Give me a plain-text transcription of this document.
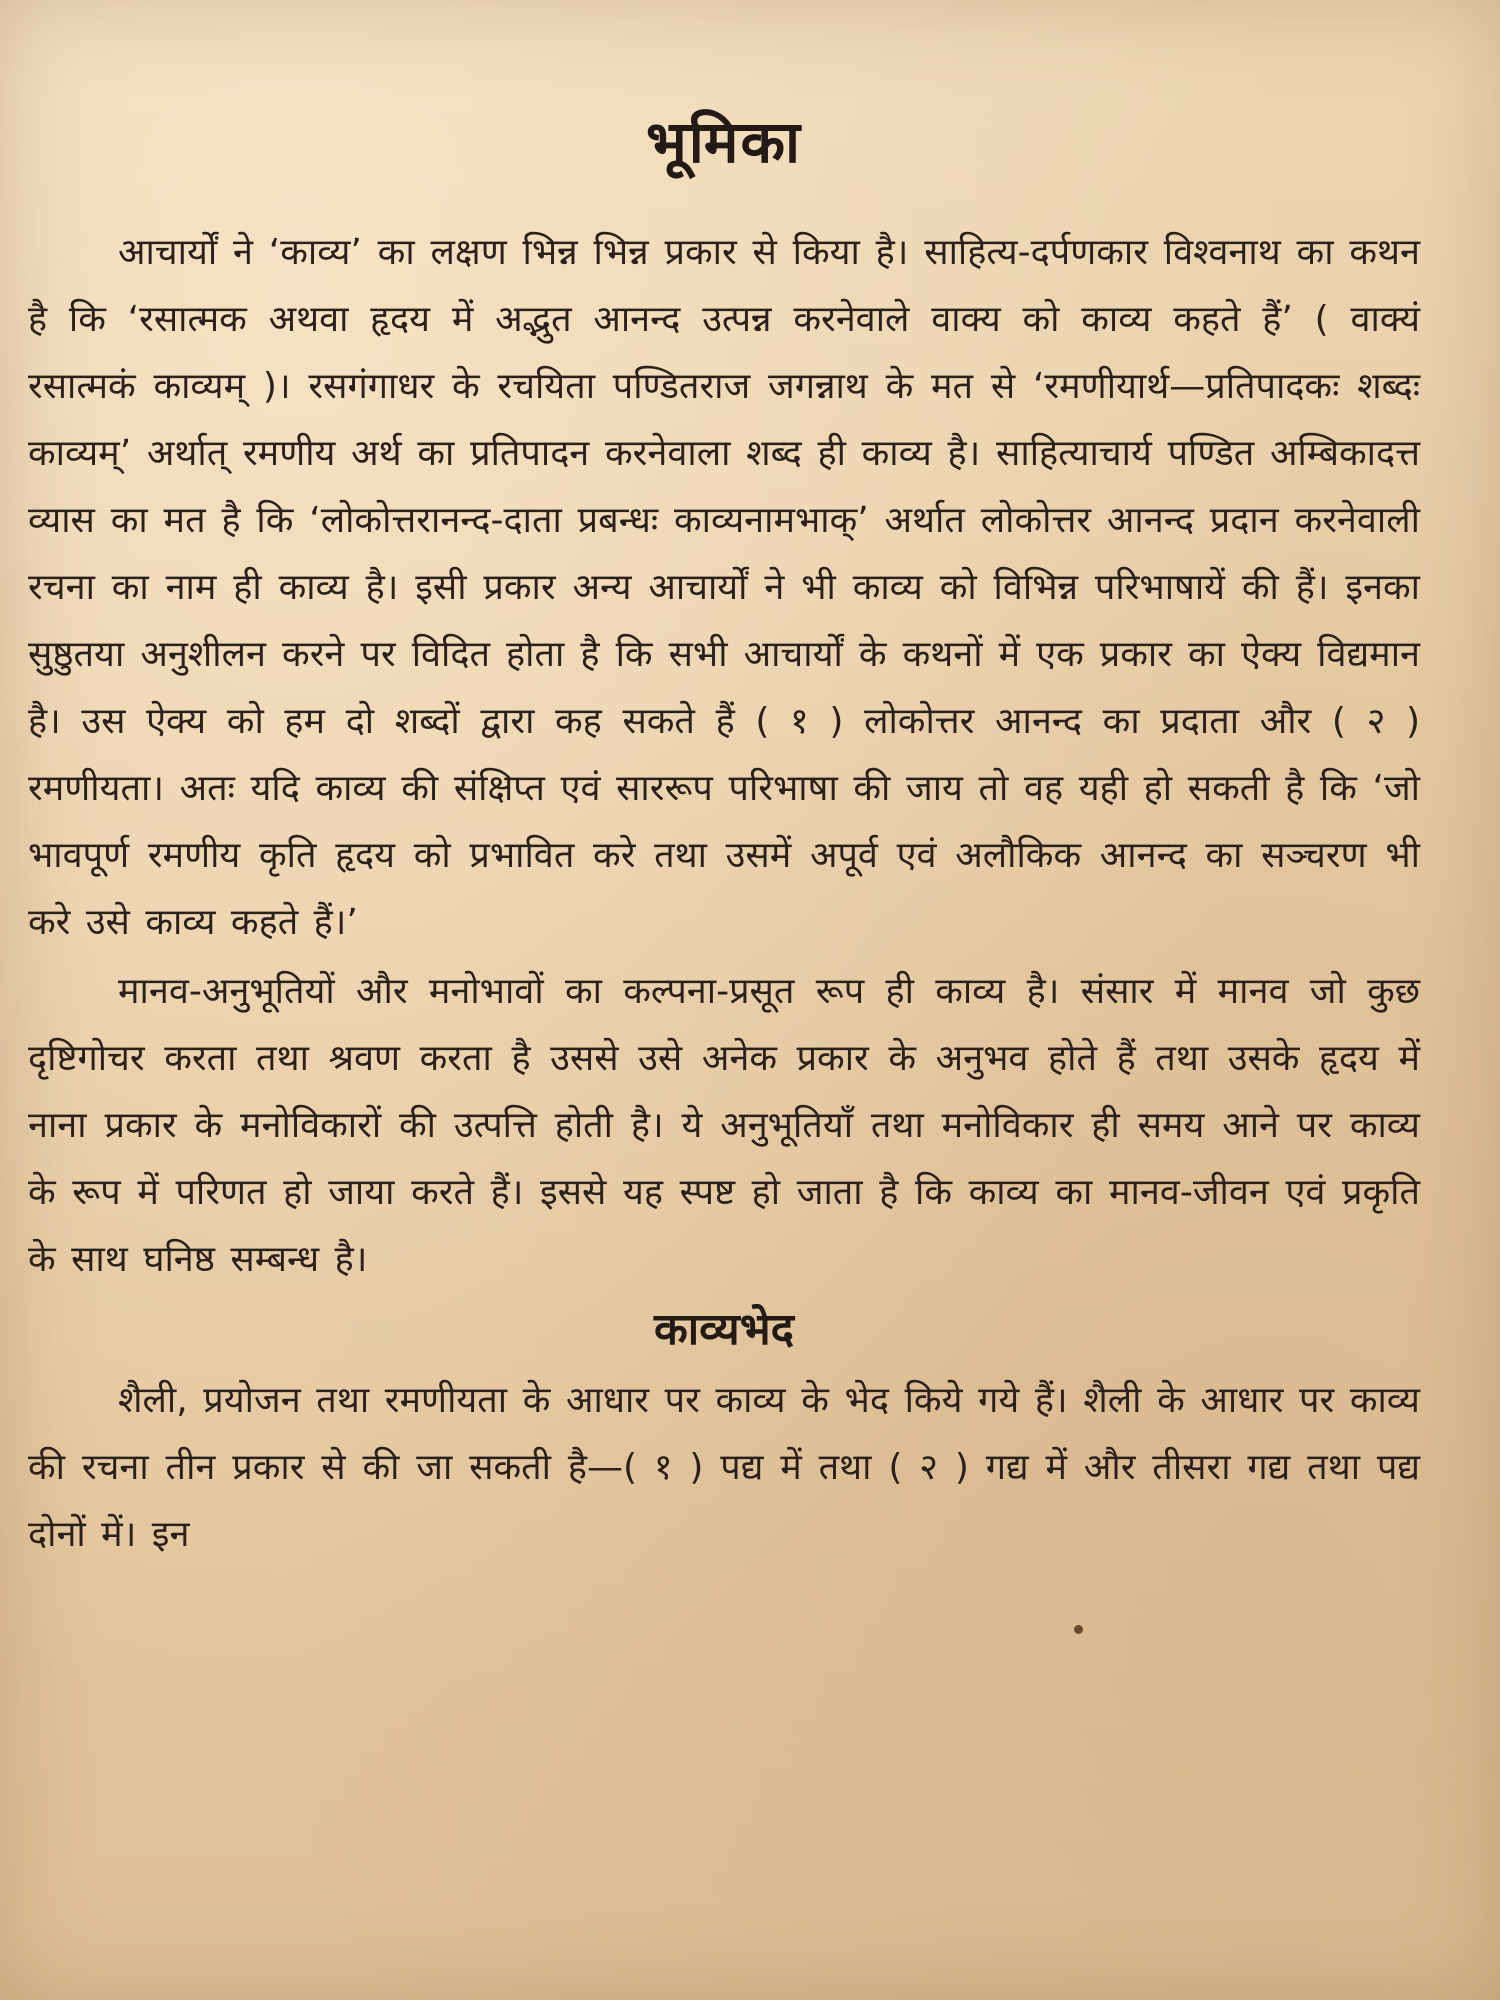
भूमिका

आचार्यों ने ‘काव्य’ का लक्षण भिन्न भिन्न प्रकार से किया है। साहित्य-दर्पणकार विश्वनाथ का कथन है कि ‘रसात्मक अथवा हृदय में अद्भुत आनन्द उत्पन्न करनेवाले वाक्य को काव्य कहते हैं’ ( वाक्यं रसात्मकं काव्यम् )। रसगंगाधर के रचयिता पण्डितराज जगन्नाथ के मत से ‘रमणीयार्थ—प्रतिपादकः शब्दः काव्यम्’ अर्थात् रमणीय अर्थ का प्रतिपादन करनेवाला शब्द ही काव्य है। साहित्याचार्य पण्डित अम्बिकादत्त व्यास का मत है कि ‘लोकोत्तरानन्द-दाता प्रबन्धः काव्यनामभाक्’ अर्थात लोकोत्तर आनन्द प्रदान करनेवाली रचना का नाम ही काव्य है। इसी प्रकार अन्य आचार्यों ने भी काव्य को विभिन्न परिभाषायें की हैं। इनका सुष्ठुतया अनुशीलन करने पर विदित होता है कि सभी आचार्यों के कथनों में एक प्रकार का ऐक्य विद्यमान है। उस ऐक्य को हम दो शब्दों द्वारा कह सकते हैं ( १ ) लोकोत्तर आनन्द का प्रदाता और ( २ ) रमणीयता। अतः यदि काव्य की संक्षिप्त एवं साररूप परिभाषा की जाय तो वह यही हो सकती है कि ‘जो भावपूर्ण रमणीय कृति हृदय को प्रभावित करे तथा उसमें अपूर्व एवं अलौकिक आनन्द का सञ्चरण भी करे उसे काव्य कहते हैं।’

मानव-अनुभूतियों और मनोभावों का कल्पना-प्रसूत रूप ही काव्य है। संसार में मानव जो कुछ दृष्टिगोचर करता तथा श्रवण करता है उससे उसे अनेक प्रकार के अनुभव होते हैं तथा उसके हृदय में नाना प्रकार के मनोविकारों की उत्पत्ति होती है। ये अनुभूतियाँ तथा मनोविकार ही समय आने पर काव्य के रूप में परिणत हो जाया करते हैं। इससे यह स्पष्ट हो जाता है कि काव्य का मानव-जीवन एवं प्रकृति के साथ घनिष्ठ सम्बन्ध है।

काव्यभेद

शैली, प्रयोजन तथा रमणीयता के आधार पर काव्य के भेद किये गये हैं। शैली के आधार पर काव्य की रचना तीन प्रकार से की जा सकती है—( १ ) पद्य में तथा ( २ ) गद्य में और तीसरा गद्य तथा पद्य दोनों में। इन
